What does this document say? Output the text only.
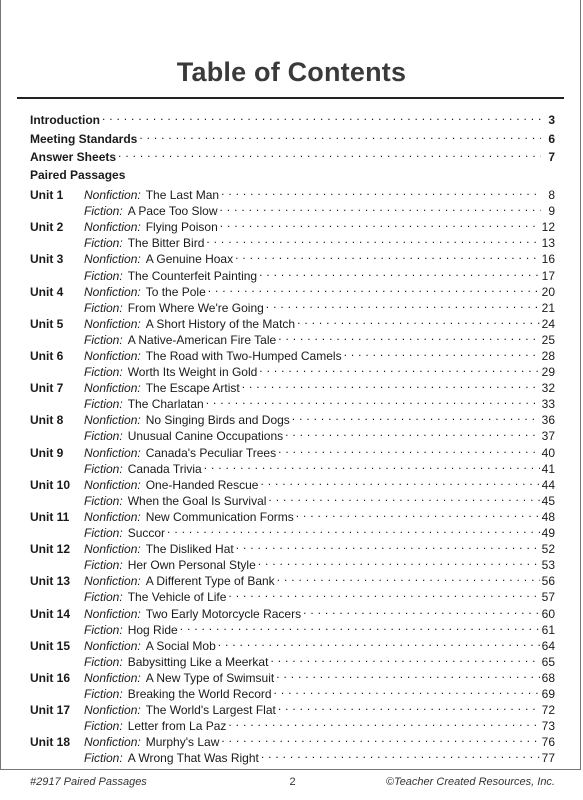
Table of Contents
Introduction . . .	3
Meeting Standards . . .	6
Answer Sheets . . .	7
Paired Passages
Unit 1	Nonfiction: The Last Man . . .	8
Fiction: A Pace Too Slow . . .	9
Unit 2	Nonfiction: Flying Poison . . .	12
Fiction: The Bitter Bird . . .	13
Unit 3	Nonfiction: A Genuine Hoax . . .	16
Fiction: The Counterfeit Painting . . .	17
Unit 4	Nonfiction: To the Pole . . .	20
Fiction: From Where We're Going . . .	21
Unit 5	Nonfiction: A Short History of the Match . . .	24
Fiction: A Native-American Fire Tale . . .	25
Unit 6	Nonfiction: The Road with Two-Humped Camels . . .	28
Fiction: Worth Its Weight in Gold . . .	29
Unit 7	Nonfiction: The Escape Artist . . .	32
Fiction: The Charlatan . . .	33
Unit 8	Nonfiction: No Singing Birds and Dogs . . .	36
Fiction: Unusual Canine Occupations . . .	37
Unit 9	Nonfiction: Canada's Peculiar Trees . . .	40
Fiction: Canada Trivia . . .	41
Unit 10	Nonfiction: One-Handed Rescue . . .	44
Fiction: When the Goal Is Survival . . .	45
Unit 11	Nonfiction: New Communication Forms . . .	48
Fiction: Succor . . .	49
Unit 12	Nonfiction: The Disliked Hat . . .	52
Fiction: Her Own Personal Style . . .	53
Unit 13	Nonfiction: A Different Type of Bank . . .	56
Fiction: The Vehicle of Life . . .	57
Unit 14	Nonfiction: Two Early Motorcycle Racers . . .	60
Fiction: Hog Ride . . .	61
Unit 15	Nonfiction: A Social Mob . . .	64
Fiction: Babysitting Like a Meerkat . . .	65
Unit 16	Nonfiction: A New Type of Swimsuit . . .	68
Fiction: Breaking the World Record . . .	69
Unit 17	Nonfiction: The World's Largest Flat . . .	72
Fiction: Letter from La Paz . . .	73
Unit 18	Nonfiction: Murphy's Law . . .	76
Fiction: A Wrong That Was Right . . .	77
#2917 Paired Passages	2	©Teacher Created Resources, Inc.
